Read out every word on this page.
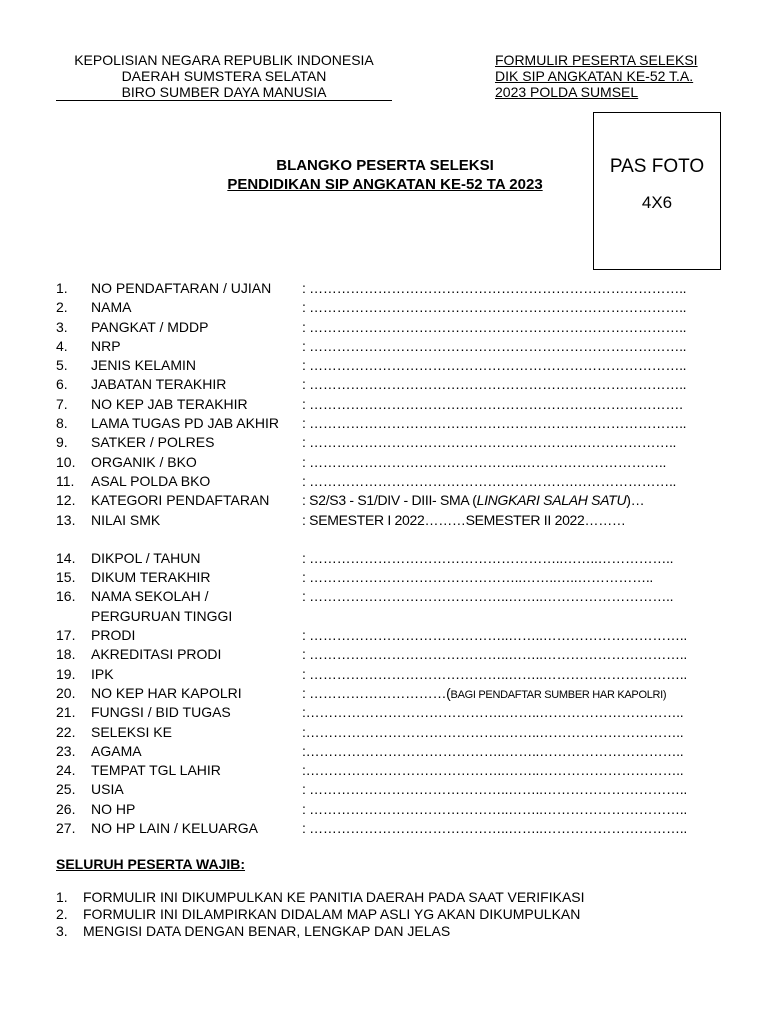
KEPOLISIAN NEGARA REPUBLIK INDONESIA
DAERAH SUMSTERA SELATAN
BIRO SUMBER DAYA MANUSIA
FORMULIR PESERTA SELEKSI
DIK SIP ANGKATAN KE-52 T.A.
2023 POLDA SUMSEL
PAS FOTO
4X6
BLANGKO PESERTA SELEKSI
PENDIDIKAN SIP ANGKATAN KE-52 TA 2023
1. NO PENDAFTARAN / UJIAN : ………………………………………………………………………..
2. NAMA	: ………………………………………………………………………..
3. PANGKAT / MDDP	: ………………………………………………………………………..
4. NRP	: ………………………………………………………………………..
5. JENIS KELAMIN	: ………………………………………………………………………..
6. JABATAN TERAKHIR	: ………………………………………………………………………..
7. NO KEP JAB TERAKHIR	: ……………………………………………………………………….
8. LAMA TUGAS PD JAB AKHIR : ………………………………………………………………………..
9. SATKER / POLRES	: ………………………………………………….…………………..
10. ORGANIK / BKO	: ………………………………………..…………………………..
11. ASAL POLDA BKO	: ………………………………………………….…………………..
12. KATEGORI PENDAFTARAN : S2/S3 - S1/DIV - DIII- SMA (LINGKARI SALAH SATU)…
13. NILAI SMK	: SEMESTER I 2022………SEMESTER II 2022………
14. DIKPOL / TAHUN	: ………………………………………………..……..……………..
15. DIKUM TERAKHIR	: ………………………………………..……..…..……………..
16. NAMA SEKOLAH /
PERGURUAN TINGGI
: ……………………………………..……..………………………..
17. PRODI	: ……………………………………..……..…………………………..
18. AKREDITASI PRODI	: ……………………………………..……..…………………………..
19. IPK	: ……………………………………..……..…………………………..
20. NO KEP HAR KAPOLRI	: …………………………(BAGI PENDAFTAR SUMBER HAR KAPOLRI)
21. FUNGSI / BID TUGAS	:……………………………………..……..…………………………..
22. SELEKSI KE	:……………………………………..……..…………………………..
23. AGAMA	:……………………………………..……..…………………………..
24. TEMPAT TGL LAHIR	:……………………………………..……..…………………………..
25. USIA	: ……………………………………..……..…………………………..
26. NO HP	: ……………………………………..……..…………………………..
27. NO HP LAIN / KELUARGA	: ……………………………………..……..…………………………..
SELURUH PESERTA WAJIB:
1. FORMULIR INI DIKUMPULKAN KE PANITIA DAERAH PADA SAAT VERIFIKASI
2. FORMULIR INI DILAMPIRKAN DIDALAM MAP ASLI YG AKAN DIKUMPULKAN
3. MENGISI DATA DENGAN BENAR, LENGKAP DAN JELAS
